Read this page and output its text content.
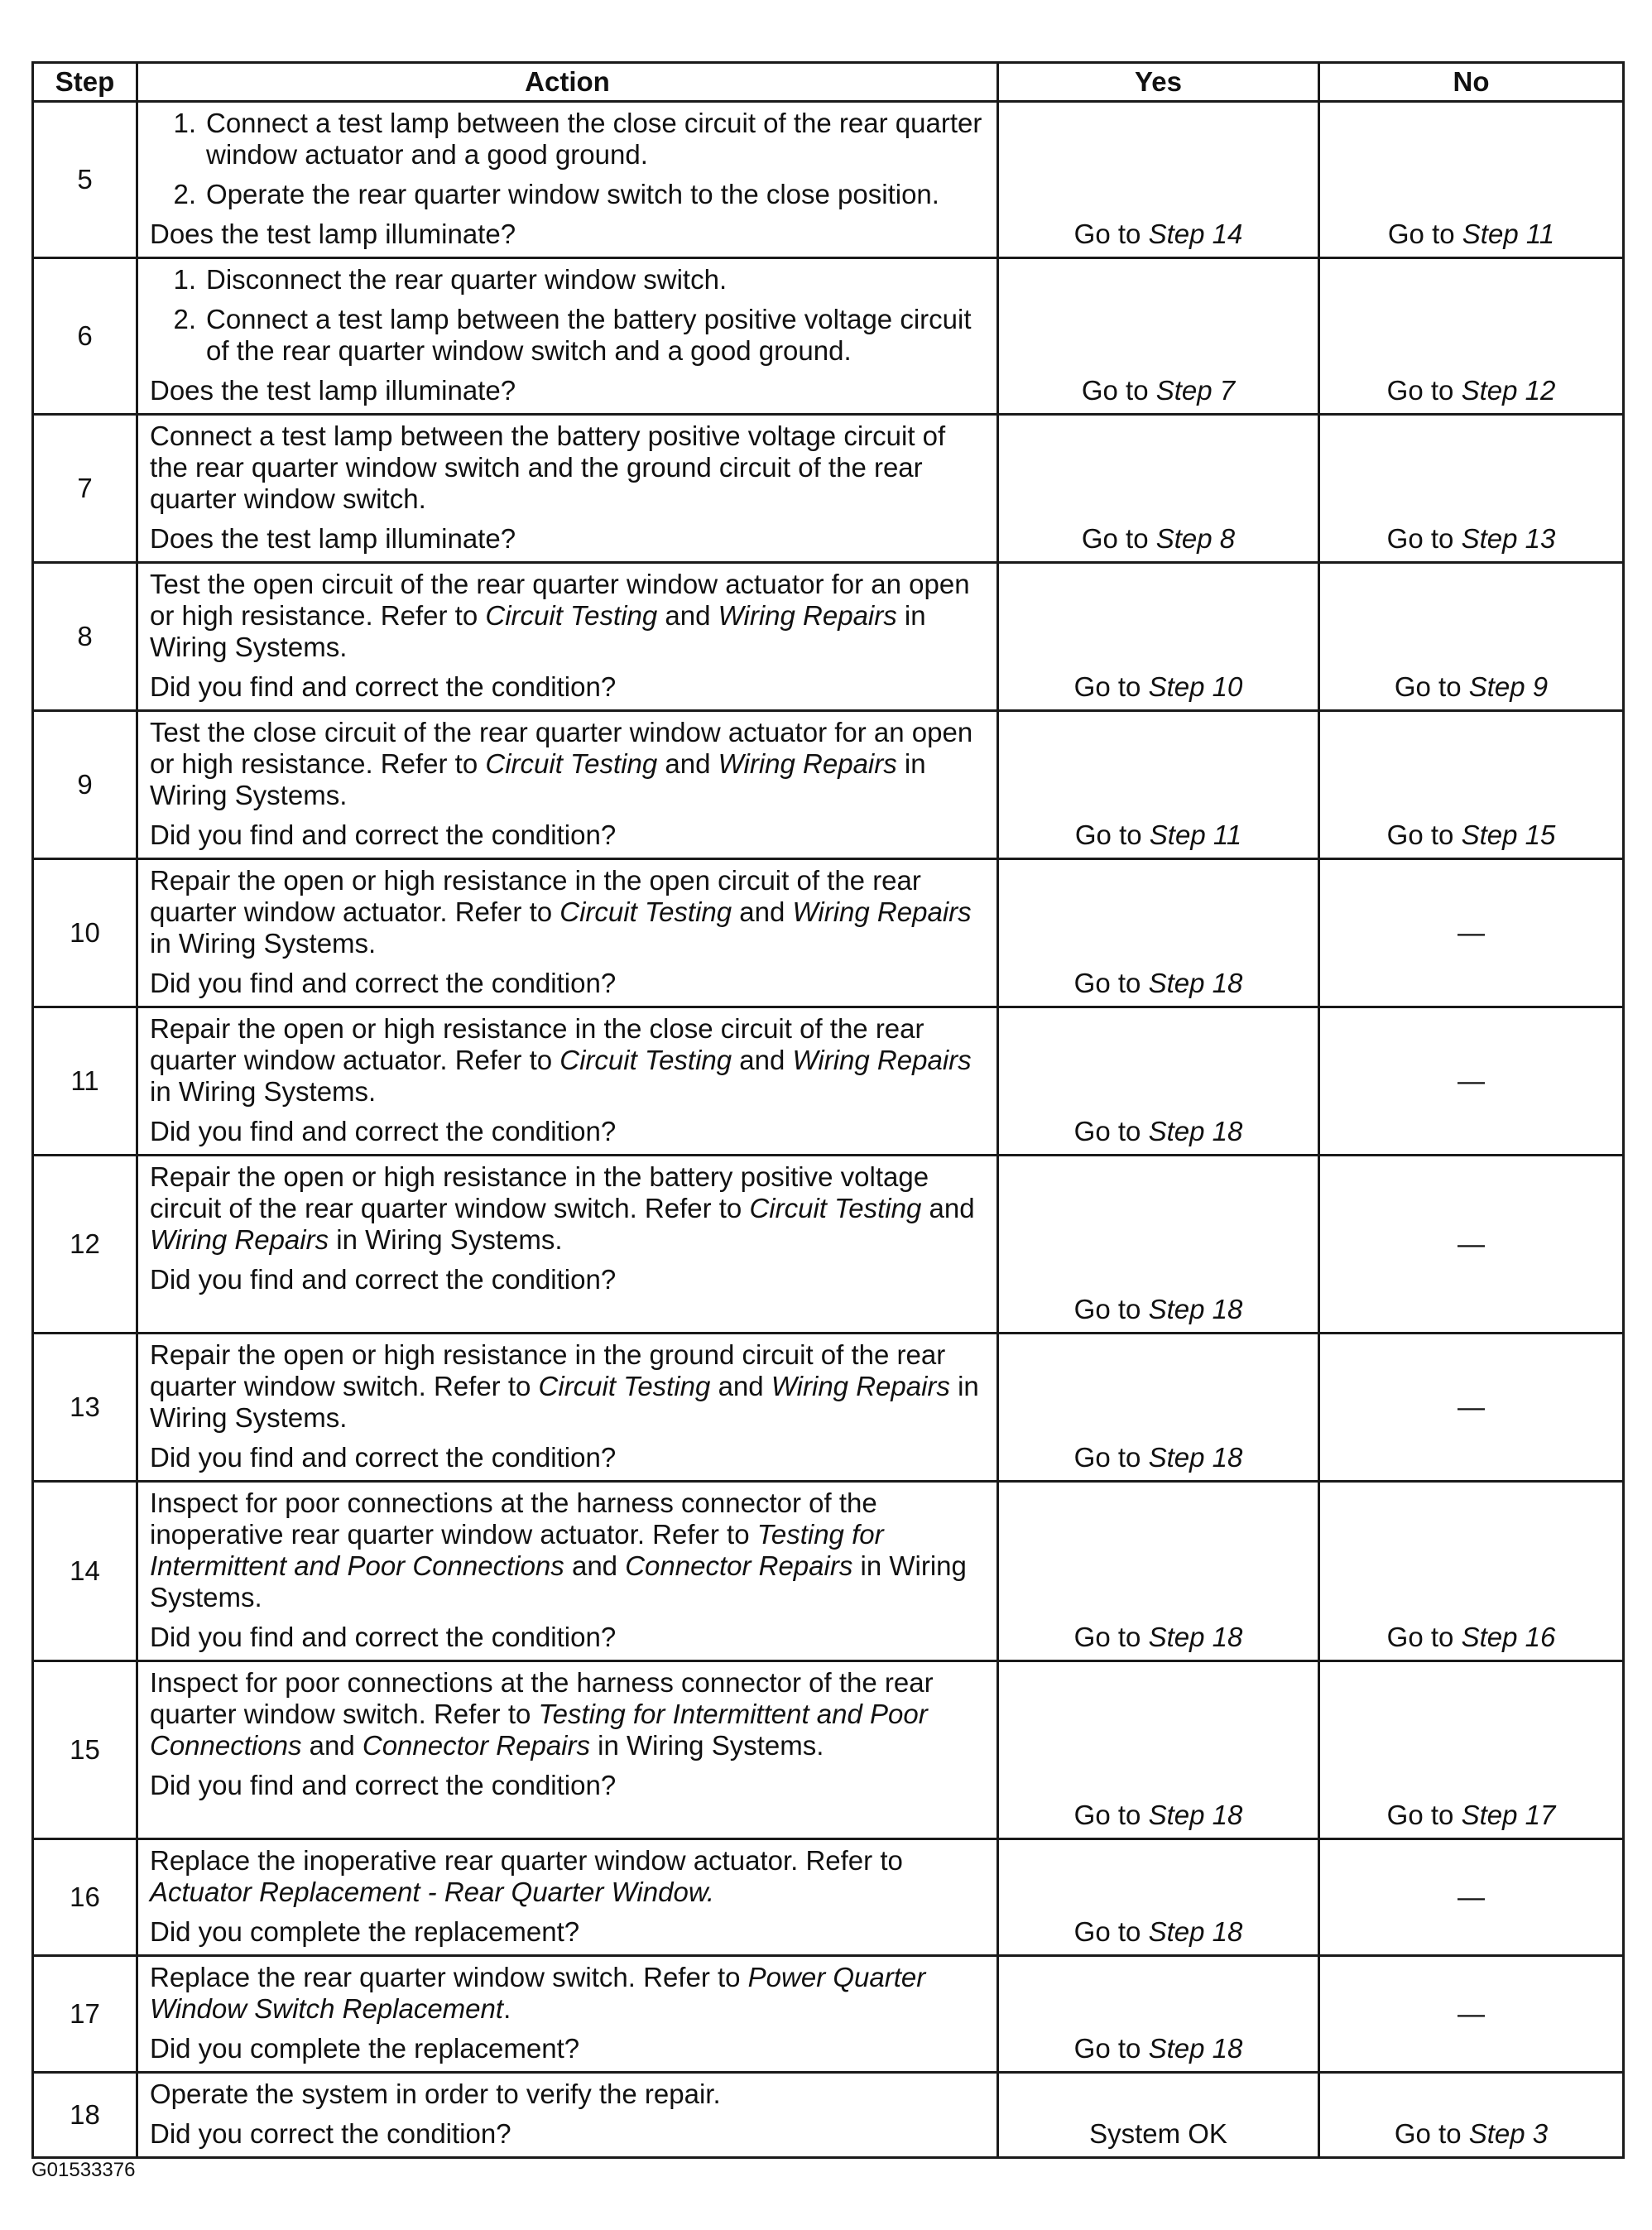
Step	Action	Yes	No
5	1. Connect a test lamp between the close circuit of the rear quarter window actuator and a good ground.
2. Operate the rear quarter window switch to the close position.
Does the test lamp illuminate?	Go to Step 14	Go to Step 11
6	1. Disconnect the rear quarter window switch.
2. Connect a test lamp between the battery positive voltage circuit of the rear quarter window switch and a good ground.
Does the test lamp illuminate?	Go to Step 7	Go to Step 12
7	Connect a test lamp between the battery positive voltage circuit of the rear quarter window switch and the ground circuit of the rear quarter window switch.
Does the test lamp illuminate?	Go to Step 8	Go to Step 13
8	Test the open circuit of the rear quarter window actuator for an open or high resistance. Refer to Circuit Testing and Wiring Repairs in Wiring Systems.
Did you find and correct the condition?	Go to Step 10	Go to Step 9
9	Test the close circuit of the rear quarter window actuator for an open or high resistance. Refer to Circuit Testing and Wiring Repairs in Wiring Systems.
Did you find and correct the condition?	Go to Step 11	Go to Step 15
10	Repair the open or high resistance in the open circuit of the rear quarter window actuator. Refer to Circuit Testing and Wiring Repairs in Wiring Systems.
Did you find and correct the condition?	Go to Step 18	—
11	Repair the open or high resistance in the close circuit of the rear quarter window actuator. Refer to Circuit Testing and Wiring Repairs in Wiring Systems.
Did you find and correct the condition?	Go to Step 18	—
12	Repair the open or high resistance in the battery positive voltage circuit of the rear quarter window switch. Refer to Circuit Testing and Wiring Repairs in Wiring Systems.
Did you find and correct the condition?	Go to Step 18	—
13	Repair the open or high resistance in the ground circuit of the rear quarter window switch. Refer to Circuit Testing and Wiring Repairs in Wiring Systems.
Did you find and correct the condition?	Go to Step 18	—
14	Inspect for poor connections at the harness connector of the inoperative rear quarter window actuator. Refer to Testing for Intermittent and Poor Connections and Connector Repairs in Wiring Systems.
Did you find and correct the condition?	Go to Step 18	Go to Step 16
15	Inspect for poor connections at the harness connector of the rear quarter window switch. Refer to Testing for Intermittent and Poor Connections and Connector Repairs in Wiring Systems.
Did you find and correct the condition?	Go to Step 18	Go to Step 17
16	Replace the inoperative rear quarter window actuator. Refer to Actuator Replacement - Rear Quarter Window.
Did you complete the replacement?	Go to Step 18	—
17	Replace the rear quarter window switch. Refer to Power Quarter Window Switch Replacement.
Did you complete the replacement?	Go to Step 18	—
18	Operate the system in order to verify the repair.
Did you correct the condition?	System OK	Go to Step 3
G01533376
